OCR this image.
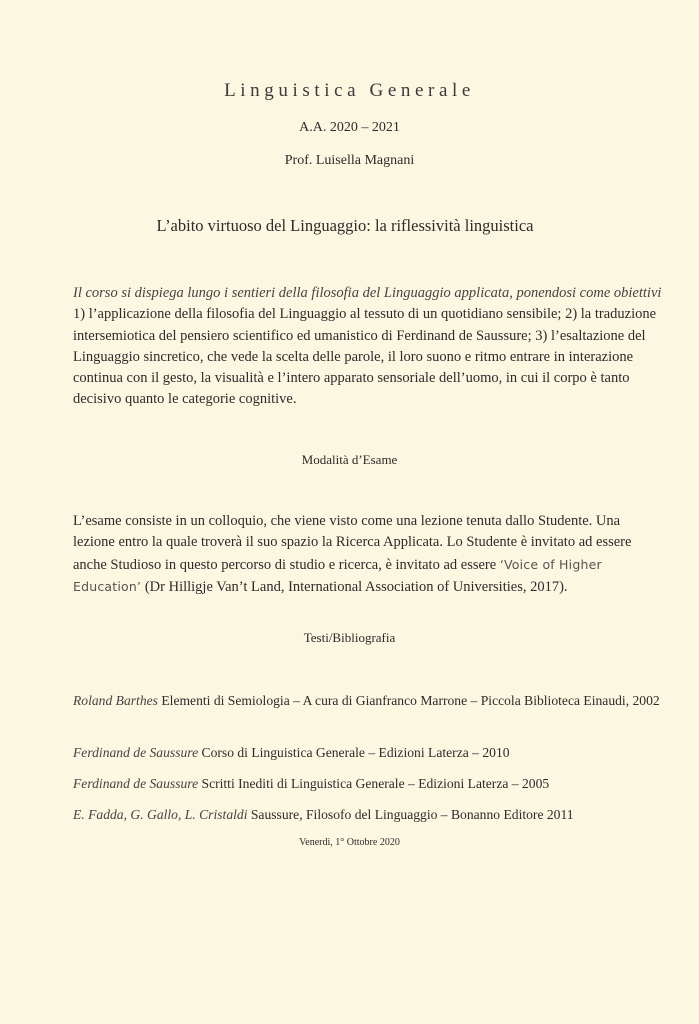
Linguistica Generale
A.A. 2020 – 2021
Prof. Luisella Magnani
L’abito virtuoso del Linguaggio: la riflessività linguistica
Il corso si dispiega lungo i sentieri della filosofia del Linguaggio applicata, ponendosi come obiettivi 1) l’applicazione della filosofia del Linguaggio al tessuto di un quotidiano sensibile; 2) la traduzione intersemiotica del pensiero scientifico ed umanistico di Ferdinand de Saussure; 3) l’esaltazione del Linguaggio sincretico, che vede la scelta delle parole, il loro suono e ritmo entrare in interazione continua con il gesto, la visualità e l’intero apparato sensoriale dell’uomo, in cui il corpo è tanto decisivo quanto le categorie cognitive.
Modalità d’Esame
L’esame consiste in un colloquio, che viene visto come una lezione tenuta dallo Studente. Una lezione entro la quale troverà il suo spazio la Ricerca Applicata. Lo Studente è invitato ad essere anche Studioso in questo percorso di studio e ricerca, è invitato ad essere ‘Voice of Higher Education’ (Dr Hilligje Van’t Land, International Association of Universities, 2017).
Testi/Bibliografia
Roland Barthes Elementi di Semiologia – A cura di Gianfranco Marrone – Piccola Biblioteca Einaudi, 2002
Ferdinand de Saussure Corso di Linguistica Generale – Edizioni Laterza – 2010
Ferdinand de Saussure Scritti Inediti di Linguistica Generale – Edizioni Laterza – 2005
E. Fadda, G. Gallo, L. Cristaldi Saussure, Filosofo del Linguaggio – Bonanno Editore 2011
Venerdì, 1° Ottobre 2020
